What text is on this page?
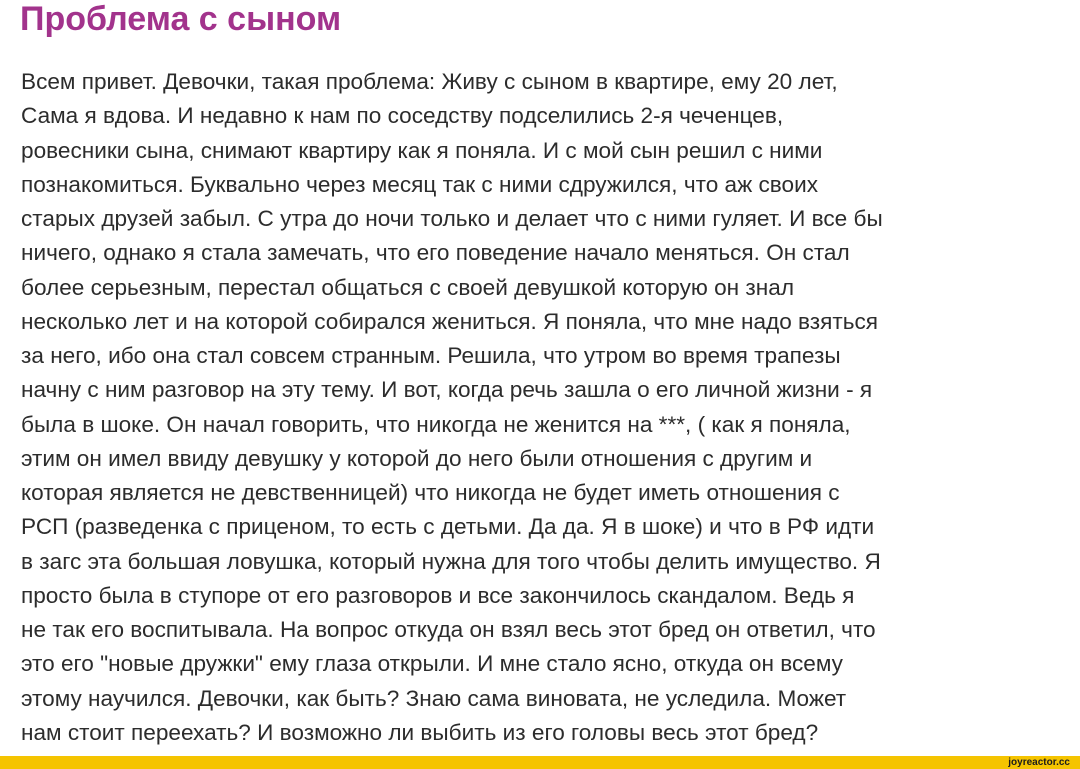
Проблема с сыном
Всем привет. Девочки, такая проблема: Живу с сыном в квартире, ему 20 лет,
Сама я вдова. И недавно к нам по соседству подселились 2-я чеченцев,
ровесники сына, снимают квартиру как я поняла. И с мой сын решил с ними
познакомиться. Буквально через месяц так с ними сдружился, что аж своих
старых друзей забыл. С утра до ночи только и делает что с ними гуляет. И все бы
ничего, однако я стала замечать, что его поведение начало меняться. Он стал
более серьезным, перестал общаться с своей девушкой которую он знал
несколько лет и на которой собирался жениться. Я поняла, что мне надо взяться
за него, ибо она стал совсем странным. Решила, что утром во время трапезы
начну с ним разговор на эту тему. И вот, когда речь зашла о его личной жизни - я
была в шоке. Он начал говорить, что никогда не женится на ***, ( как я поняла,
этим он имел ввиду девушку у которой до него были отношения с другим и
которая является не девственницей) что никогда не будет иметь отношения с
РСП (разведенка с приценом, то есть с детьми. Да да. Я в шоке) и что в РФ идти
в загс эта большая ловушка, который нужна для того чтобы делить имущество. Я
просто была в ступоре от его разговоров и все закончилось скандалом. Ведь я
не так его воспитывала. На вопрос откуда он взял весь этот бред он ответил, что
это его "новые дружки" ему глаза открыли. И мне стало ясно, откуда он всему
этому научился. Девочки, как быть? Знаю сама виновата, не уследила. Может
нам стоит переехать? И возможно ли выбить из его головы весь этот бред?
joyreactor.cc
